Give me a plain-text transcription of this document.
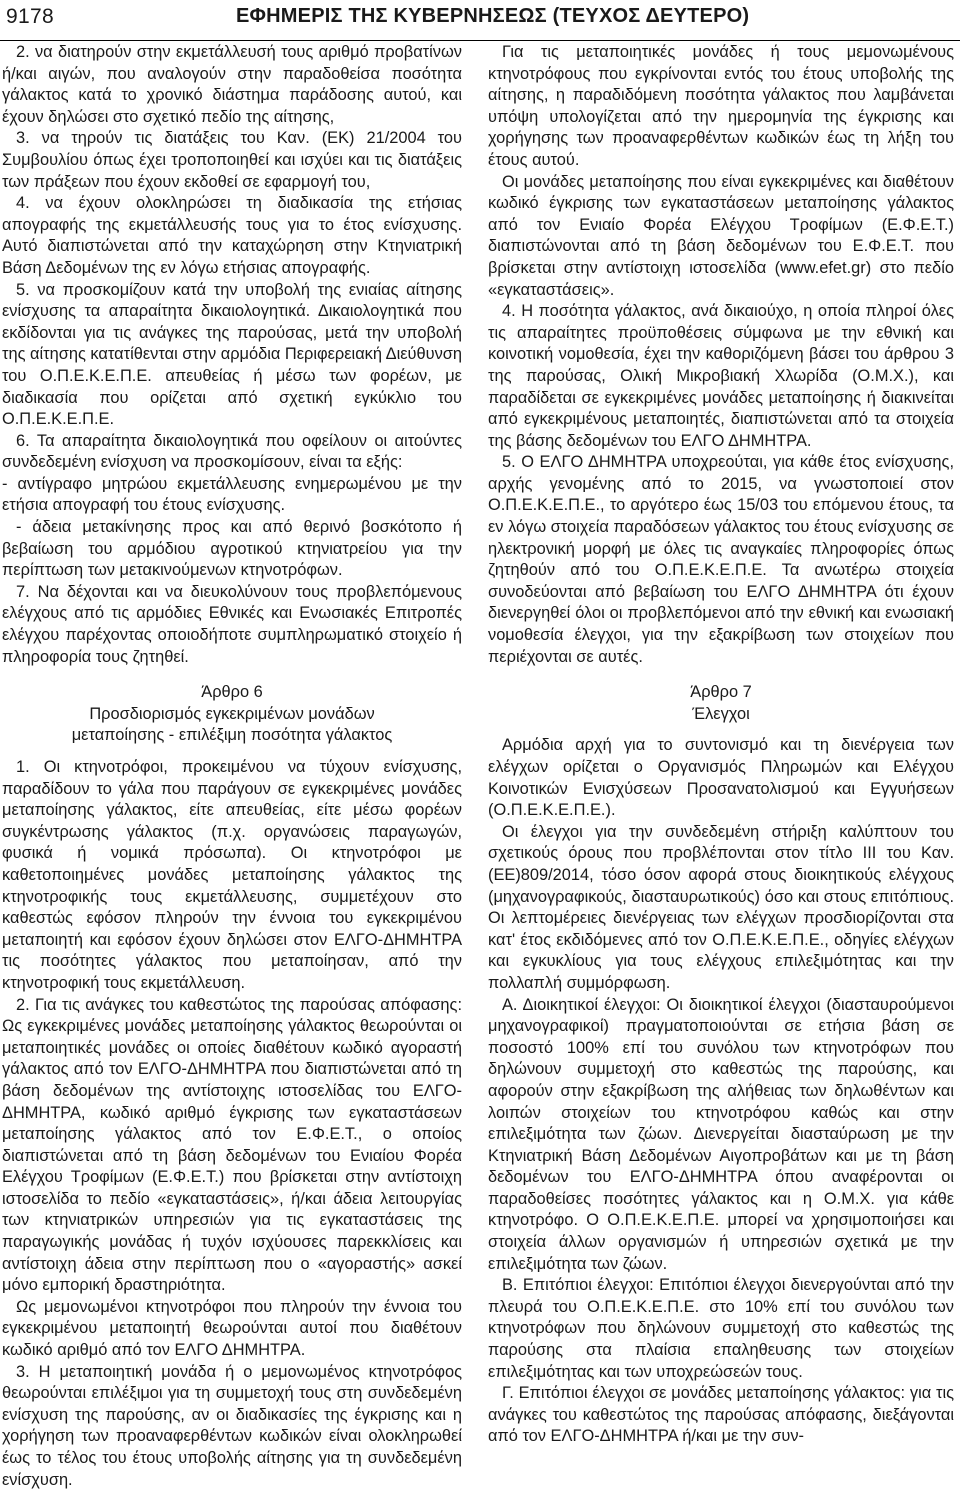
9178	ΕΦΗΜΕΡΙΣ ΤΗΣ ΚΥΒΕΡΝΗΣΕΩΣ (ΤΕΥΧΟΣ ΔΕΥΤΕΡΟ)

2. να διατηρούν στην εκμετάλλευσή τους αριθμό προβατίνων ή/και αιγών, που αναλογούν στην παραδοθείσα ποσότητα γάλακτος κατά το χρονικό διάστημα παράδοσης αυτού, και έχουν δηλώσει στο σχετικό πεδίο της αίτησης,

3. να τηρούν τις διατάξεις του Καν. (ΕΚ) 21/2004 του Συμβουλίου όπως έχει τροποποιηθεί και ισχύει και τις διατάξεις των πράξεων που έχουν εκδοθεί σε εφαρμογή του,

4. να έχουν ολοκληρώσει τη διαδικασία της ετήσιας απογραφής της εκμετάλλευσής τους για το έτος ενίσχυσης. Αυτό διαπιστώνεται από την καταχώρηση στην Κτηνιατρική Βάση Δεδομένων της εν λόγω ετήσιας απογραφής.

5. να προσκομίζουν κατά την υποβολή της ενιαίας αίτησης ενίσχυσης τα απαραίτητα δικαιολογητικά. Δικαιολογητικά που εκδίδονται για τις ανάγκες της παρούσας, μετά την υποβολή της αίτησης κατατίθενται στην αρμόδια Περιφερειακή Διεύθυνση του Ο.Π.Ε.Κ.Ε.Π.Ε. απευθείας ή μέσω των φορέων, με διαδικασία που ορίζεται από σχετική εγκύκλιο του Ο.Π.Ε.Κ.Ε.Π.Ε.

6. Τα απαραίτητα δικαιολογητικά που οφείλουν οι αιτούντες συνδεδεμένη ενίσχυση να προσκομίσουν, είναι τα εξής:

- αντίγραφο μητρώου εκμετάλλευσης ενημερωμένου με την ετήσια απογραφή του έτους ενίσχυσης.

- άδεια μετακίνησης προς και από θερινό βοσκότοπο ή βεβαίωση του αρμόδιου αγροτικού κτηνιατρείου για την περίπτωση των μετακινούμενων κτηνοτρόφων.

7. Να δέχονται και να διευκολύνουν τους προβλεπόμενους ελέγχους από τις αρμόδιες Εθνικές και Ενωσιακές Επιτροπές ελέγχου παρέχοντας οποιοδήποτε συμπληρωματικό στοιχείο ή πληροφορία τους ζητηθεί.

Άρθρο 6
Προσδιορισμός εγκεκριμένων μονάδων
μεταποίησης - επιλέξιμη ποσότητα γάλακτος

1. Οι κτηνοτρόφοι, προκειμένου να τύχουν ενίσχυσης, παραδίδουν το γάλα που παράγουν σε εγκεκριμένες μονάδες μεταποίησης γάλακτος, είτε απευθείας, είτε μέσω φορέων συγκέντρωσης γάλακτος (π.χ. οργανώσεις παραγωγών, φυσικά ή νομικά πρόσωπα). Οι κτηνοτρόφοι με καθετοποιημένες μονάδες μεταποίησης γάλακτος της κτηνοτροφικής τους εκμετάλλευσης, συμμετέχουν στο καθεστώς εφόσον πληρούν την έννοια του εγκεκριμένου μεταποιητή και εφόσον έχουν δηλώσει στον ΕΛΓΟ-ΔΗΜΗΤΡΑ τις ποσότητες γάλακτος που μεταποίησαν, από την κτηνοτροφική τους εκμετάλλευση.

2. Για τις ανάγκες του καθεστώτος της παρούσας απόφασης: Ως εγκεκριμένες μονάδες μεταποίησης γάλακτος θεωρούνται οι μεταποιητικές μονάδες οι οποίες διαθέτουν κωδικό αγοραστή γάλακτος από τον ΕΛΓΟ-ΔΗΜΗΤΡΑ που διαπιστώνεται από τη βάση δεδομένων της αντίστοιχης ιστοσελίδας του ΕΛΓΟ-ΔΗΜΗΤΡΑ, κωδικό αριθμό έγκρισης των εγκαταστάσεων μεταποίησης γάλακτος από τον Ε.Φ.Ε.Τ., ο οποίος διαπιστώνεται από τη βάση δεδομένων του Ενιαίου Φορέα Ελέγχου Τροφίμων (Ε.Φ.Ε.Τ.) που βρίσκεται στην αντίστοιχη ιστοσελίδα το πεδίο «εγκαταστάσεις», ή/και άδεια λειτουργίας των κτηνιατρικών υπηρεσιών για τις εγκαταστάσεις της παραγωγικής μονάδας ή τυχόν ισχύουσες παρεκκλίσεις και αντίστοιχη άδεια στην περίπτωση που ο «αγοραστής» ασκεί μόνο εμπορική δραστηριότητα.

Ως μεμονωμένοι κτηνοτρόφοι που πληρούν την έννοια του εγκεκριμένου μεταποιητή θεωρούνται αυτοί που διαθέτουν κωδικό αριθμό από τον ΕΛΓΟ ΔΗΜΗΤΡΑ.

3. Η μεταποιητική μονάδα ή ο μεμονωμένος κτηνοτρόφος θεωρούνται επιλέξιμοι για τη συμμετοχή τους στη συνδεδεμένη ενίσχυση της παρούσης, αν οι διαδικασίες της έγκρισης και η χορήγηση των προαναφερθέντων κωδικών είναι ολοκληρωθεί έως το τέλος του έτους υποβολής αίτησης για τη συνδεδεμένη ενίσχυση.

Για τις μεταποιητικές μονάδες ή τους μεμονωμένους κτηνοτρόφους που εγκρίνονται εντός του έτους υποβολής της αίτησης, η παραδιδόμενη ποσότητα γάλακτος που λαμβάνεται υπόψη υπολογίζεται από την ημερομηνία της έγκρισης και χορήγησης των προαναφερθέντων κωδικών έως τη λήξη του έτους αυτού.

Οι μονάδες μεταποίησης που είναι εγκεκριμένες και διαθέτουν κωδικό έγκρισης των εγκαταστάσεων μεταποίησης γάλακτος από τον Ενιαίο Φορέα Ελέγχου Τροφίμων (Ε.Φ.Ε.Τ.) διαπιστώνονται από τη βάση δεδομένων του Ε.Φ.Ε.Τ. που βρίσκεται στην αντίστοιχη ιστοσελίδα (www.efet.gr) στο πεδίο «εγκαταστάσεις».

4. Η ποσότητα γάλακτος, ανά δικαιούχο, η οποία πληροί όλες τις απαραίτητες προϋποθέσεις σύμφωνα με την εθνική και κοινοτική νομοθεσία, έχει την καθοριζόμενη βάσει του άρθρου 3 της παρούσας, Ολική Μικροβιακή Χλωρίδα (Ο.Μ.Χ.), και παραδίδεται σε εγκεκριμένες μονάδες μεταποίησης ή διακινείται από εγκεκριμένους μεταποιητές, διαπιστώνεται από τα στοιχεία της βάσης δεδομένων του ΕΛΓΟ ΔΗΜΗΤΡΑ.

5. Ο ΕΛΓΟ ΔΗΜΗΤΡΑ υποχρεούται, για κάθε έτος ενίσχυσης, αρχής γενομένης από το 2015, να γνωστοποιεί στον Ο.Π.Ε.Κ.Ε.Π.Ε., το αργότερο έως 15/03 του επόμενου έτους, τα εν λόγω στοιχεία παραδόσεων γάλακτος του έτους ενίσχυσης σε ηλεκτρονική μορφή με όλες τις αναγκαίες πληροφορίες όπως ζητηθούν από του Ο.Π.Ε.Κ.Ε.Π.Ε. Τα ανωτέρω στοιχεία συνοδεύονται από βεβαίωση του ΕΛΓΟ ΔΗΜΗΤΡΑ ότι έχουν διενεργηθεί όλοι οι προβλεπόμενοι από την εθνική και ενωσιακή νομοθεσία έλεγχοι, για την εξακρίβωση των στοιχείων που περιέχονται σε αυτές.

Άρθρο 7
Έλεγχοι

Αρμόδια αρχή για το συντονισμό και τη διενέργεια των ελέγχων ορίζεται ο Οργανισμός Πληρωμών και Ελέγχου Κοινοτικών Ενισχύσεων Προσανατολισμού και Εγγυήσεων (Ο.Π.Ε.Κ.Ε.Π.Ε.).

Οι έλεγχοι για την συνδεδεμένη στήριξη καλύπτουν του σχετικούς όρους που προβλέπονται στον τίτλο III του Καν. (ΕΕ)809/2014, τόσο όσον αφορά στους διοικητικούς ελέγχους (μηχανογραφικούς, διασταυρωτικούς) όσο και στους επιτόπιους. Οι λεπτομέρειες διενέργειας των ελέγχων προσδιορίζονται στα κατ' έτος εκδιδόμενες από τον Ο.Π.Ε.Κ.Ε.Π.Ε., οδηγίες ελέγχων και εγκυκλίους για τους ελέγχους επιλεξιμότητας και την πολλαπλή συμμόρφωση.

Α. Διοικητικοί έλεγχοι: Οι διοικητικοί έλεγχοι (διασταυρούμενοι μηχανογραφικοί) πραγματοποιούνται σε ετήσια βάση σε ποσοστό 100% επί του συνόλου των κτηνοτρόφων που δηλώνουν συμμετοχή στο καθεστώς της παρούσης, και αφορούν στην εξακρίβωση της αλήθειας των δηλωθέντων και λοιπών στοιχείων του κτηνοτρόφου καθώς και στην επιλεξιμότητα των ζώων. Διενεργείται διασταύρωση με την Κτηνιατρική Βάση Δεδομένων Αιγοπροβάτων και με τη βάση δεδομένων του ΕΛΓΟ-ΔΗΜΗΤΡΑ όπου αναφέρονται οι παραδοθείσες ποσότητες γάλακτος και η Ο.Μ.Χ. για κάθε κτηνοτρόφο. Ο Ο.Π.Ε.Κ.Ε.Π.Ε. μπορεί να χρησιμοποιήσει και στοιχεία άλλων οργανισμών ή υπηρεσιών σχετικά με την επιλεξιμότητα των ζώων.

Β. Επιτόπιοι έλεγχοι: Επιτόπιοι έλεγχοι διενεργούνται από την πλευρά του Ο.Π.Ε.Κ.Ε.Π.Ε. στο 10% επί του συνόλου των κτηνοτρόφων που δηλώνουν συμμετοχή στο καθεστώς της παρούσης στα πλαίσια επαληθευσης των στοιχείων επιλεξιμότητας και των υποχρεώσεών τους.

Γ. Επιτόπιοι έλεγχοι σε μονάδες μεταποίησης γάλακτος: για τις ανάγκες του καθεστώτος της παρούσας απόφασης, διεξάγονται από τον ΕΛΓΟ-ΔΗΜΗΤΡΑ ή/και με την συν-
